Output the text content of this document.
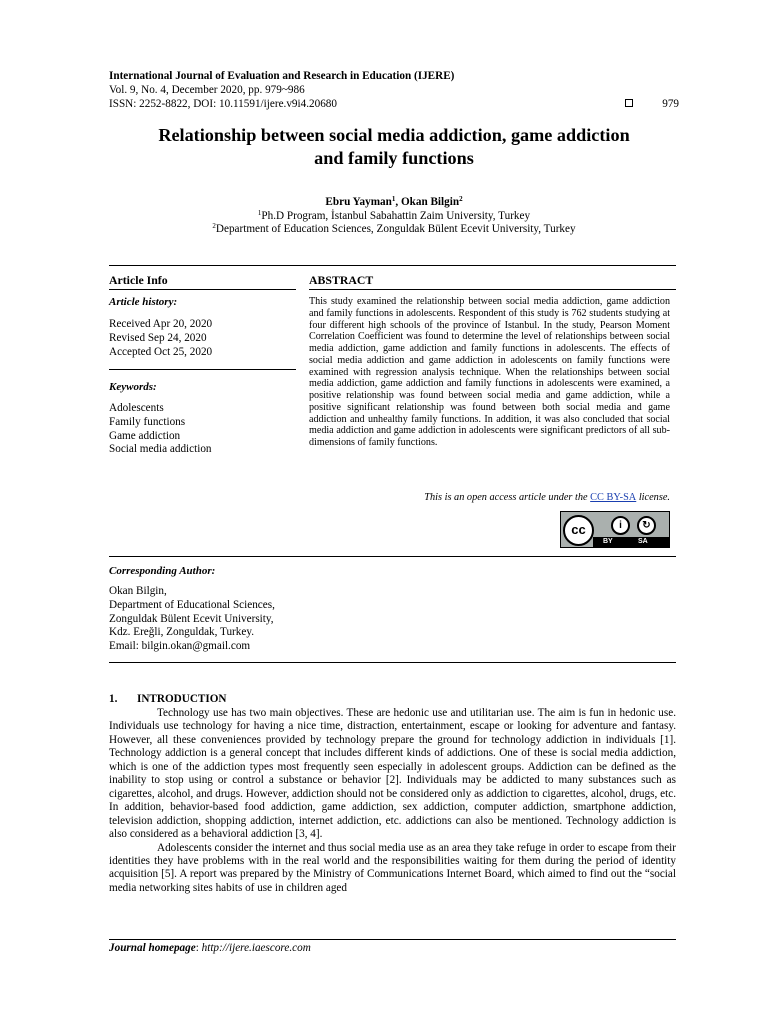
International Journal of Evaluation and Research in Education (IJERE)
Vol. 9, No. 4, December 2020, pp. 979~986
ISSN: 2252-8822, DOI: 10.11591/ijere.v9i4.20680	979
Relationship between social media addiction, game addiction
and family functions
Ebru Yayman$^1$, Okan Bilgin$^2$
$^1$Ph.D Program, İstanbul Sabahattin Zaim University, Turkey
$^2$Department of Education Sciences, Zonguldak Bülent Ecevit University, Turkey
Article Info
Article history:
Received Apr 20, 2020
Revised Sep 24, 2020
Accepted Oct 25, 2020
Keywords:
Adolescents
Family functions
Game addiction
Social media addiction
ABSTRACT
This study examined the relationship between social media addiction, game addiction and family functions in adolescents. Respondent of this study is 762 students studying at four different high schools of the province of Istanbul. In the study, Pearson Moment Correlation Coefficient was found to determine the level of relationships between social media addiction, game addiction and family functions in adolescents. The effects of social media addiction and game addiction in adolescents on family functions were examined with regression analysis technique. When the relationships between social media addiction, game addiction and family functions in adolescents were examined, a positive relationship was found between social media and game addiction, while a positive significant relationship was found between both social media and game addiction and unhealthy family functions. In addition, it was also concluded that social media addiction and game addiction in adolescents were significant predictors of all sub-dimensions of family functions.
This is an open access article under the CC BY-SA license.
BY	SA
cc	i	↻
Corresponding Author:
Okan Bilgin,
Department of Educational Sciences,
Zonguldak Bülent Ecevit University,
Kdz. Ereğli, Zonguldak, Turkey.
Email: bilgin.okan@gmail.com
1. INTRODUCTION

Technology use has two main objectives. These are hedonic use and utilitarian use. The aim is fun in hedonic use. Individuals use technology for having a nice time, distraction, entertainment, escape or looking for adventure and fantasy. However, all these conveniences provided by technology prepare the ground for technology addiction in individuals [1]. Technology addiction is a general concept that includes different kinds of addictions. One of these is social media addiction, which is one of the addiction types most frequently seen especially in adolescent groups. Addiction can be defined as the inability to stop using or control a substance or behavior [2]. Individuals may be addicted to many substances such as cigarettes, alcohol, and drugs. However, addiction should not be considered only as addiction to cigarettes, alcohol, drugs, etc. In addition, behavior-based food addiction, game addiction, sex addiction, computer addiction, smartphone addiction, television addiction, shopping addiction, internet addiction, etc. addictions can also be mentioned. Technology addiction is also considered as a behavioral addiction [3, 4].

Adolescents consider the internet and thus social media use as an area they take refuge in order to escape from their identities they have problems with in the real world and the responsibilities waiting for them during the period of identity acquisition [5]. A report was prepared by the Ministry of Communications Internet Board, which aimed to find out the “social media networking sites habits of use in children aged

Journal homepage: http://ijere.iaescore.com
